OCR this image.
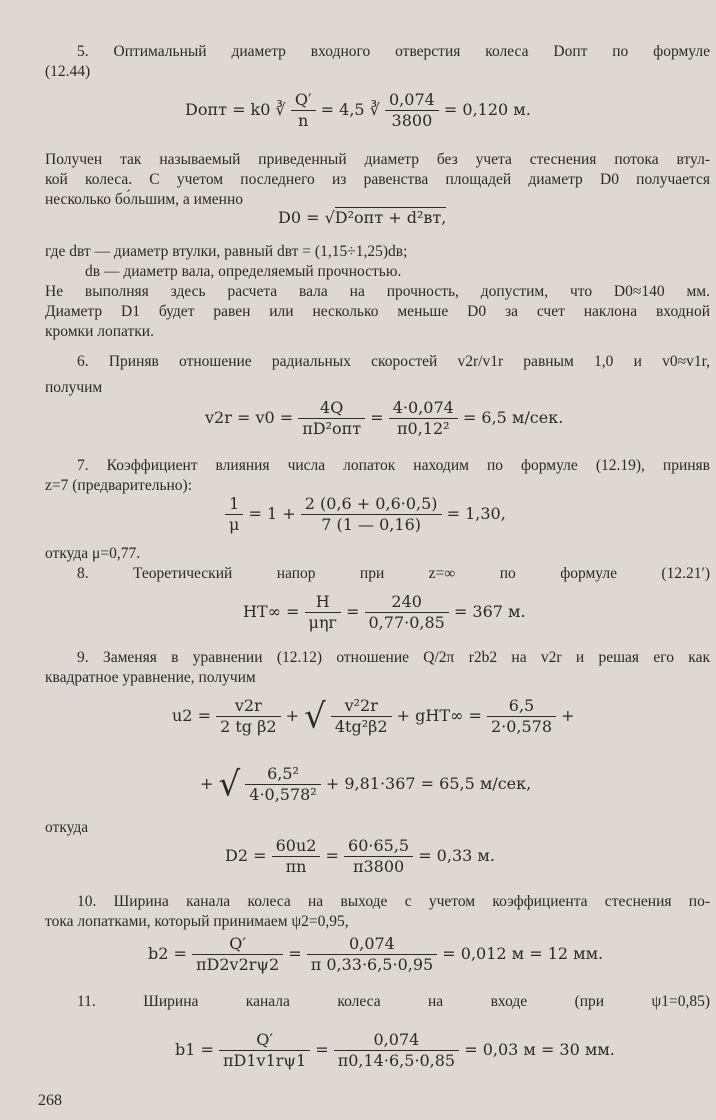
5. Оптимальный диаметр входного отверстия колеса Dопт по формуле
(12.44)
Dопт = k0 ∛ $\frac{Q'}{n} = 4,5$ ∛ $\frac{0,074}{3800} = 0,120$ м.
Получен так называемый приведенный диаметр без учета стеснения потока втул-
кой колеса. С учетом последнего из равенства площадей диаметр D0 получается
несколько бо́льшим, а именно
D0 = √D²опт + d²вт,
где dвт — диаметр втулки, равный dвт = (1,15÷1,25)dв;
dв — диаметр вала, определяемый прочностью.
Не выполняя здесь расчета вала на прочность, допустим, что D0≈140 мм.
Диаметр D1 будет равен или несколько меньше D0 за счет наклона входной
кромки лопатки.
6. Приняв отношение радиальных скоростей v2r/v1r равным 1,0 и v0≈v1r,
получим
$v2r = v0 = \frac{4Q}{\text{πD²опт}} = \frac{4\cdot 0,074}{\text{π0,12²}} = 6,5$ м/сек.
7. Коэффициент влияния числа лопаток находим по формуле (12.19), приняв
z=7 (предварительно):
$\frac{1}{\mu} = 1 + \frac{2 (0,6 + 0,6\cdot 0,5)}{7 (1 — 0,16)} = 1,30$,
откуда μ=0,77.
8. Теоретический напор при z=∞ по формуле (12.21′)
$HT\infty = \frac{H}{\text{μηг}} = \frac{240}{0,77\cdot 0,85} = 367$ м.
9. Заменяя в уравнении (12.12) отношение Q/2π r2b2 на v2r и решая его как
квадратное уравнение, получим
$u2 = \frac{v2r}{\text{2 tg β2}}$ + √ $\frac{\text{v²2r}}{\text{4tg²β2}} + gHT\infty = \frac{6,5}{2\cdot 0,578}$ +
+ √ $\frac{\text{6,5²}}{\text{4·0,578²}} + 9,81\cdot 367 = 65,5$ м/сек,
откуда
$D2 = \frac{60u2}{\pi n} = \frac{60\cdot 65,5}{\pi 3800} = 0,33$ м.
10. Ширина канала колеса на выходе с учетом коэффициента стеснения по-
тока лопатками, который принимаем ψ2=0,95,
$b2 = \frac{Q'}{\pi D2v2r\psi 2} = \frac{0,074}{\pi 0,33\cdot 6,5\cdot 0,95} = 0,012$ м = 12 мм.
11. Ширина канала колеса на входе (при ψ1=0,85)
$b1 = \frac{Q'}{\pi D1v1r\psi 1} = \frac{0,074}{\pi 0,14\cdot 6,5\cdot 0,85} = 0,03$ м = 30 мм.
268
